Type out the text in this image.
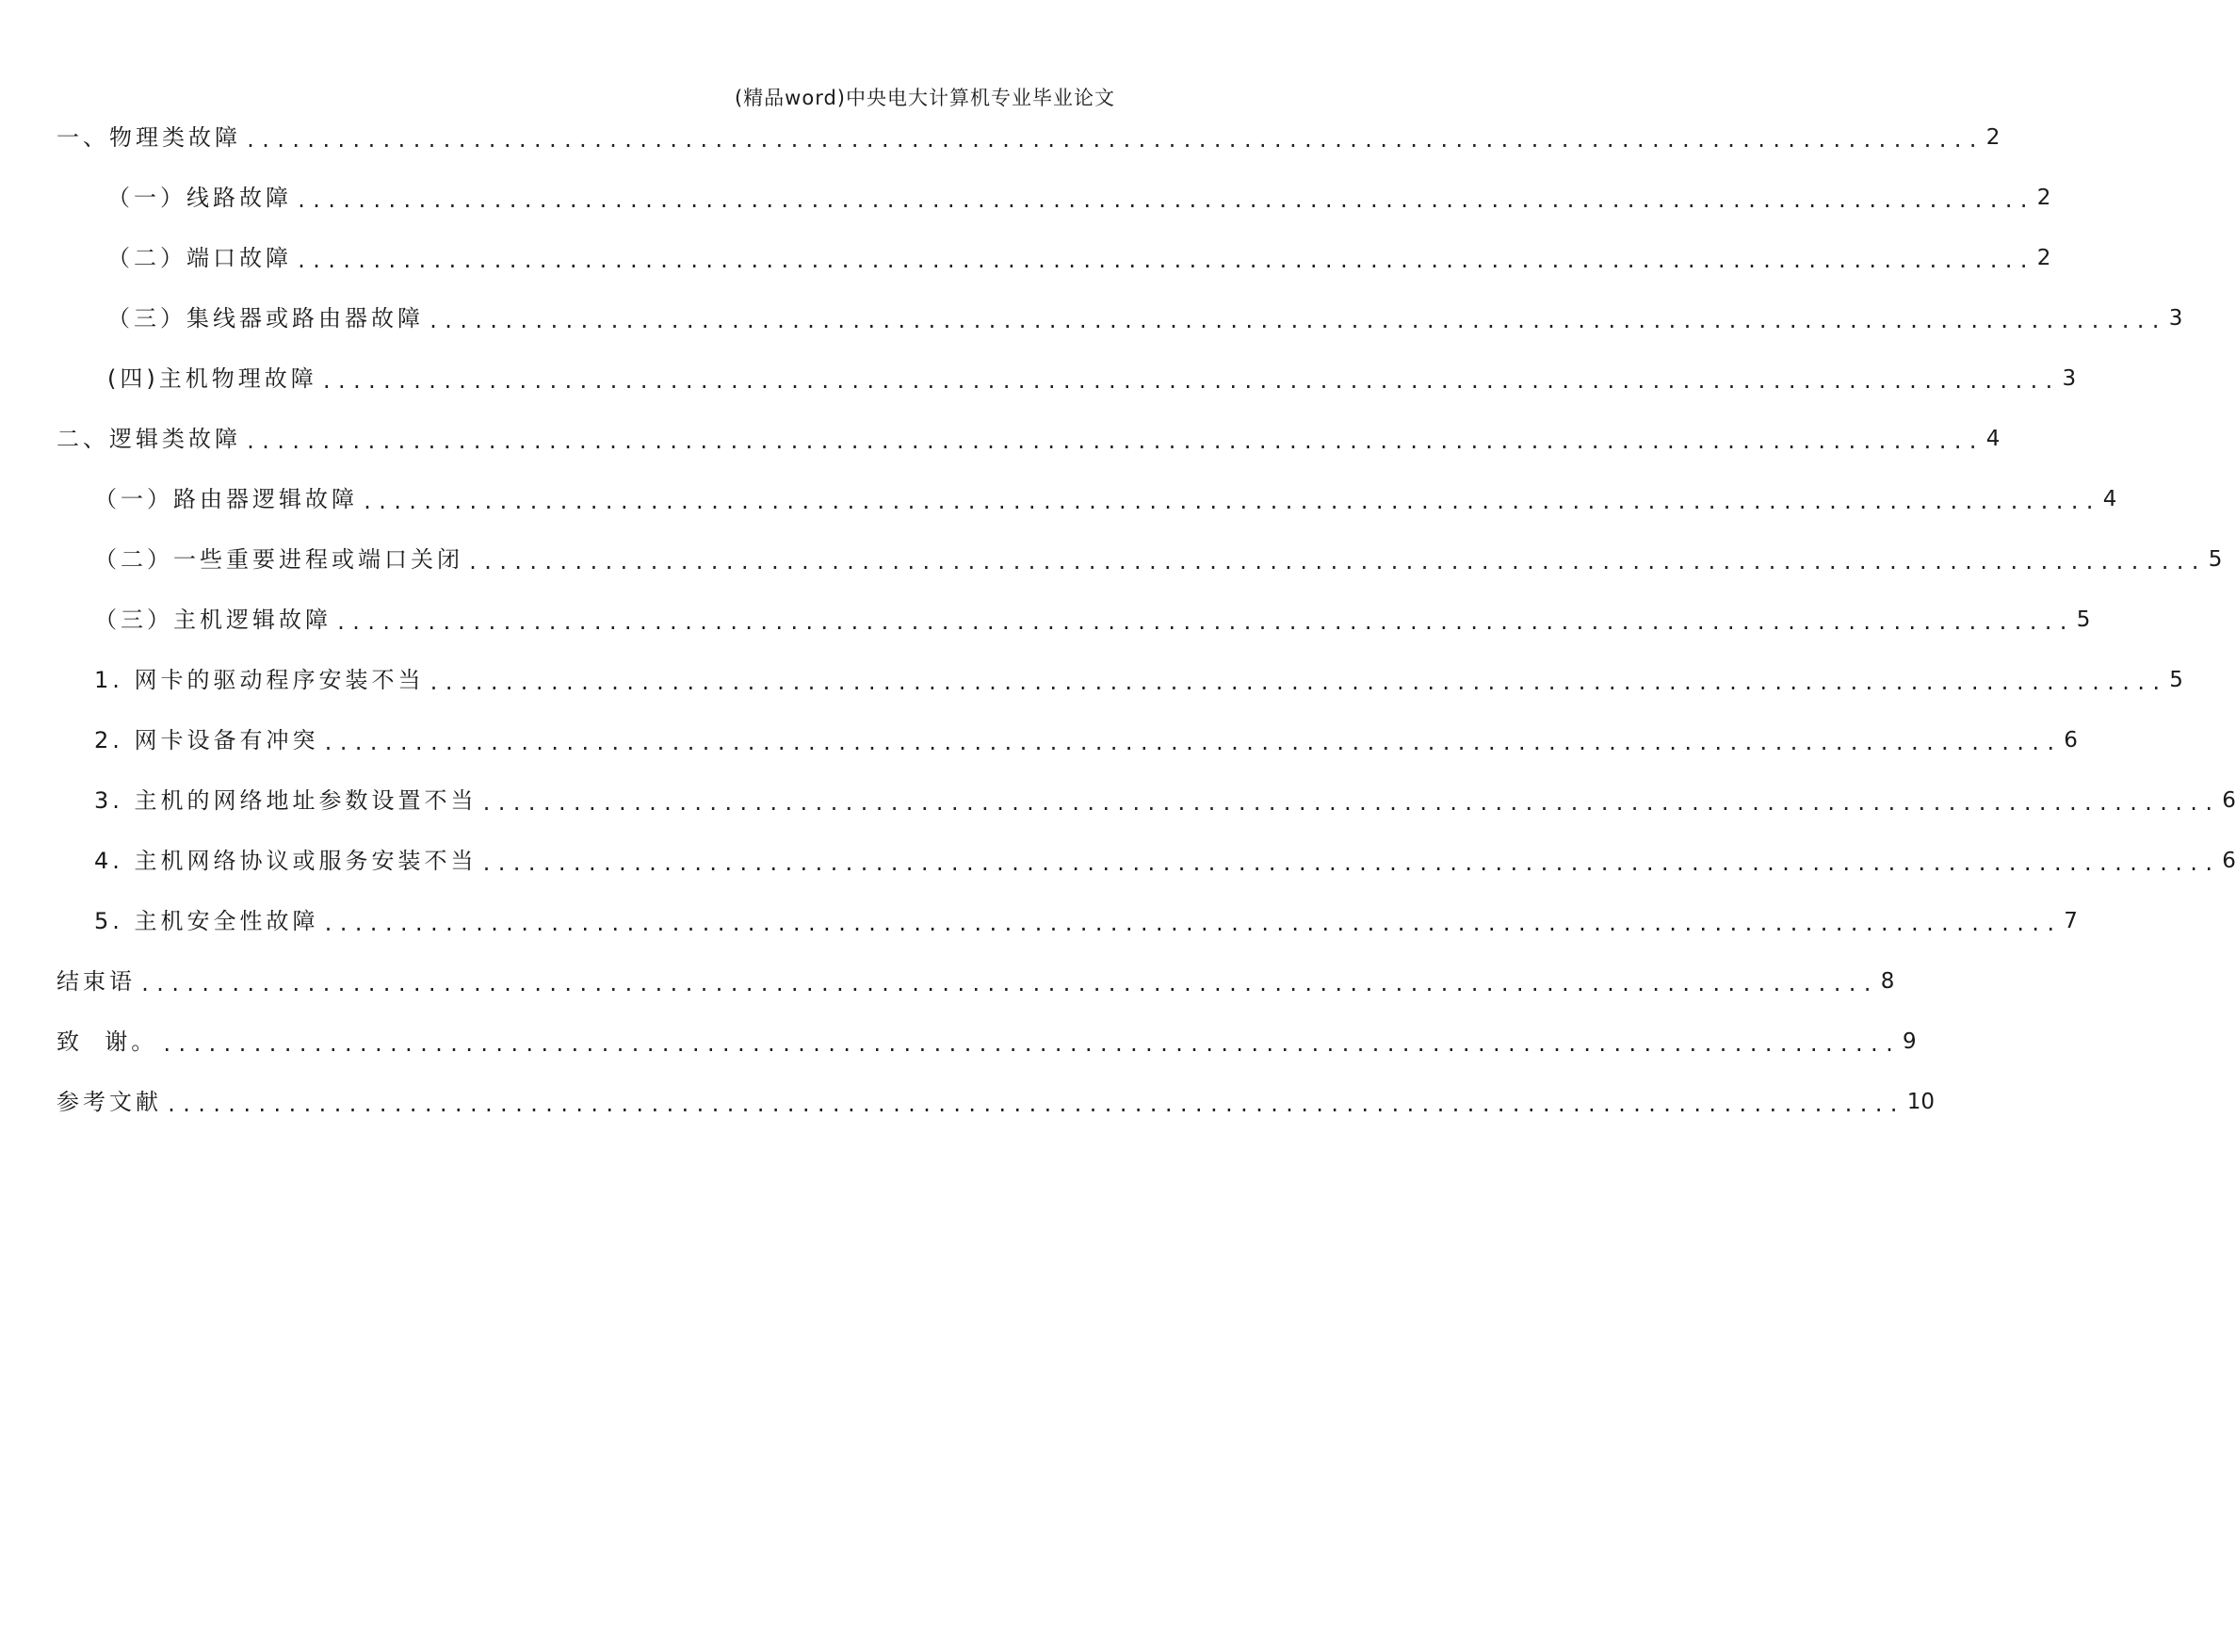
(精品word)中央电大计算机专业毕业论文
一、物理类故障 ................................................................................................................... 2
（一）线路故障 ................................................................................................................... 2
（二）端口故障 ................................................................................................................... 2
（三）集线器或路由器故障 ................................................................................................................... 3
(四)主机物理故障 ................................................................................................................... 3
二、逻辑类故障 ................................................................................................................... 4
（一）路由器逻辑故障 ................................................................................................................... 4
（二）一些重要进程或端口关闭 ................................................................................................................... 5
（三）主机逻辑故障 ................................................................................................................... 5
1. 网卡的驱动程序安装不当 ................................................................................................................... 5
2. 网卡设备有冲突 ................................................................................................................... 6
3. 主机的网络地址参数设置不当 ................................................................................................................... 6
4. 主机网络协议或服务安装不当 ................................................................................................................... 6
5. 主机安全性故障 ................................................................................................................... 7
结束语 ................................................................................................................... 8
致  谢。 ................................................................................................................... 9
参考文献 ................................................................................................................... 10
